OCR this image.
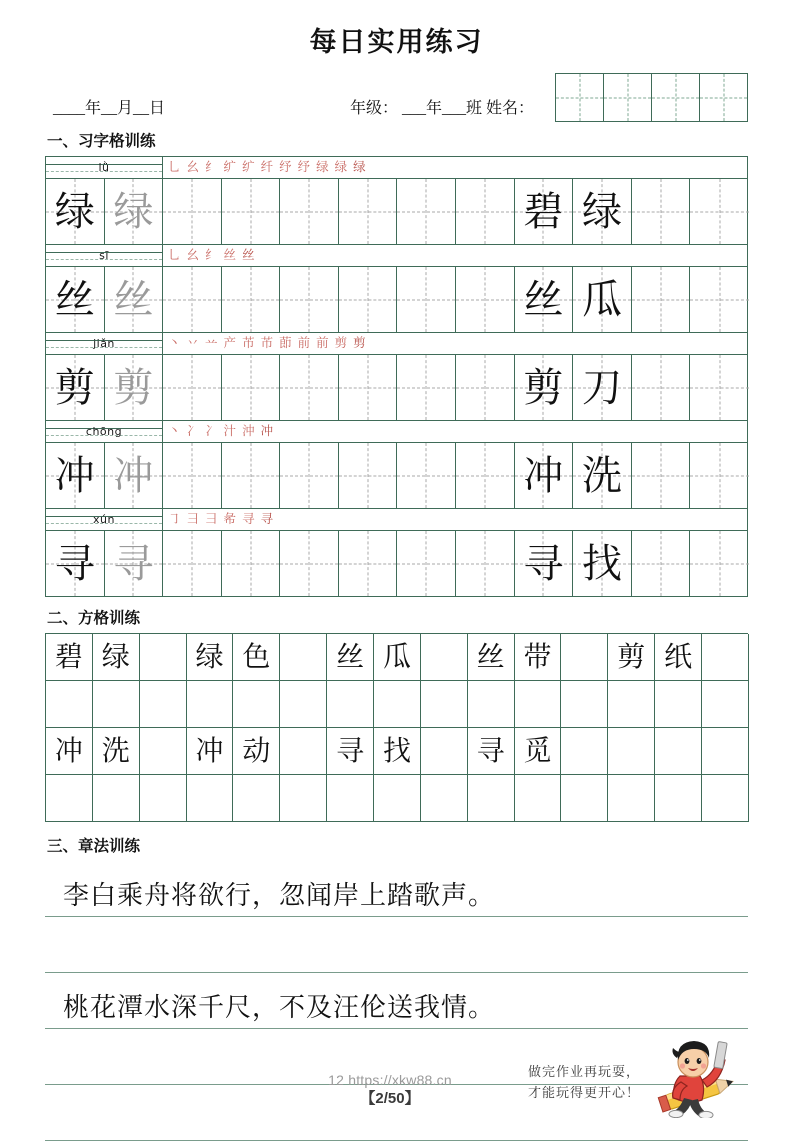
每日实用练习
____年__月__日	年级： ___年___班 姓名：
一、习字格训练
lǜ	乚 幺 纟 纩 纩 纤 纾 纾 绿 绿 绿
绿 绿	碧 绿
sī	乚 幺 纟 丝 丝
丝 丝	丝 瓜
jiǎn	丶 丷 䒑 产 芇 芇 莭 前 前 剪 剪
剪 剪	剪 刀
chōng	丶 冫 冫 汁 沖 冲
冲 冲	冲 洗
xún	㇆ 彐 彐 㣇 寻 寻
寻 寻	寻 找
二、方格训练
碧 绿 绿 色 丝 瓜 丝 带 剪 纸
冲 洗 冲 动 寻 找 寻 觅
三、章法训练
李白乘舟将欲行，忽闻岸上踏歌声。
桃花潭水深千尺，不及汪伦送我情。
12 https://xkw88.cn
【2/50】
做完作业再玩耍，
才能玩得更开心！
